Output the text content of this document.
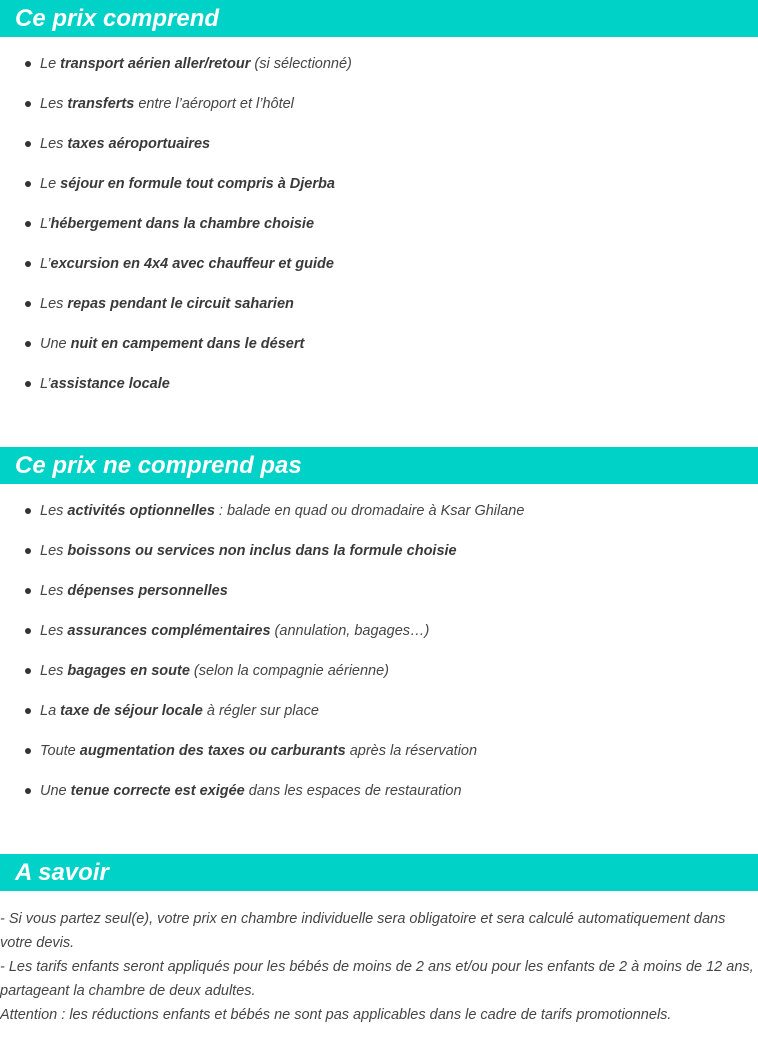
Ce prix comprend
Le transport aérien aller/retour (si sélectionné)
Les transferts entre l’aéroport et l’hôtel
Les taxes aéroportuaires
Le séjour en formule tout compris à Djerba
L’hébergement dans la chambre choisie
L’excursion en 4x4 avec chauffeur et guide
Les repas pendant le circuit saharien
Une nuit en campement dans le désert
L’assistance locale
Ce prix ne comprend pas
Les activités optionnelles : balade en quad ou dromadaire à Ksar Ghilane
Les boissons ou services non inclus dans la formule choisie
Les dépenses personnelles
Les assurances complémentaires (annulation, bagages…)
Les bagages en soute (selon la compagnie aérienne)
La taxe de séjour locale à régler sur place
Toute augmentation des taxes ou carburants après la réservation
Une tenue correcte est exigée dans les espaces de restauration
A savoir

- Si vous partez seul(e), votre prix en chambre individuelle sera obligatoire et sera calculé automatiquement dans votre devis.

- Les tarifs enfants seront appliqués pour les bébés de moins de 2 ans et/ou pour les enfants de 2 à moins de 12 ans, partageant la chambre de deux adultes.

Attention : les réductions enfants et bébés ne sont pas applicables dans le cadre de tarifs promotionnels.
